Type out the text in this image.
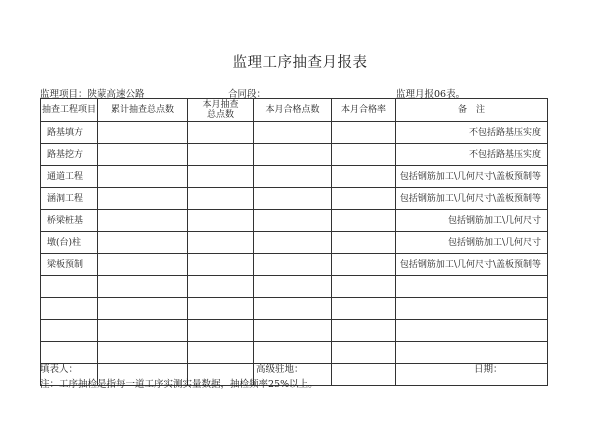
监理工序抽查月报表
监理项目：陕蒙高速公路	合同段：	监理月报06表。
抽查工程项目	累计抽查总点数	本月抽查总点数	本月合格点数	本月合格率	备　注
路基填方					不包括路基压实度
路基挖方					不包括路基压实度
通道工程					包括钢筋加工\几何尺寸\盖板预制等
涵洞工程					包括钢筋加工\几何尺寸\盖板预制等
桥梁桩基					包括钢筋加工\几何尺寸
墩(台)柱					包括钢筋加工\几何尺寸
梁板预制					包括钢筋加工\几何尺寸\盖板预制等

填表人：	高级驻地：	日期：
注：工序抽检是指每一道工序实测实量数据，抽检频率25%以上。
